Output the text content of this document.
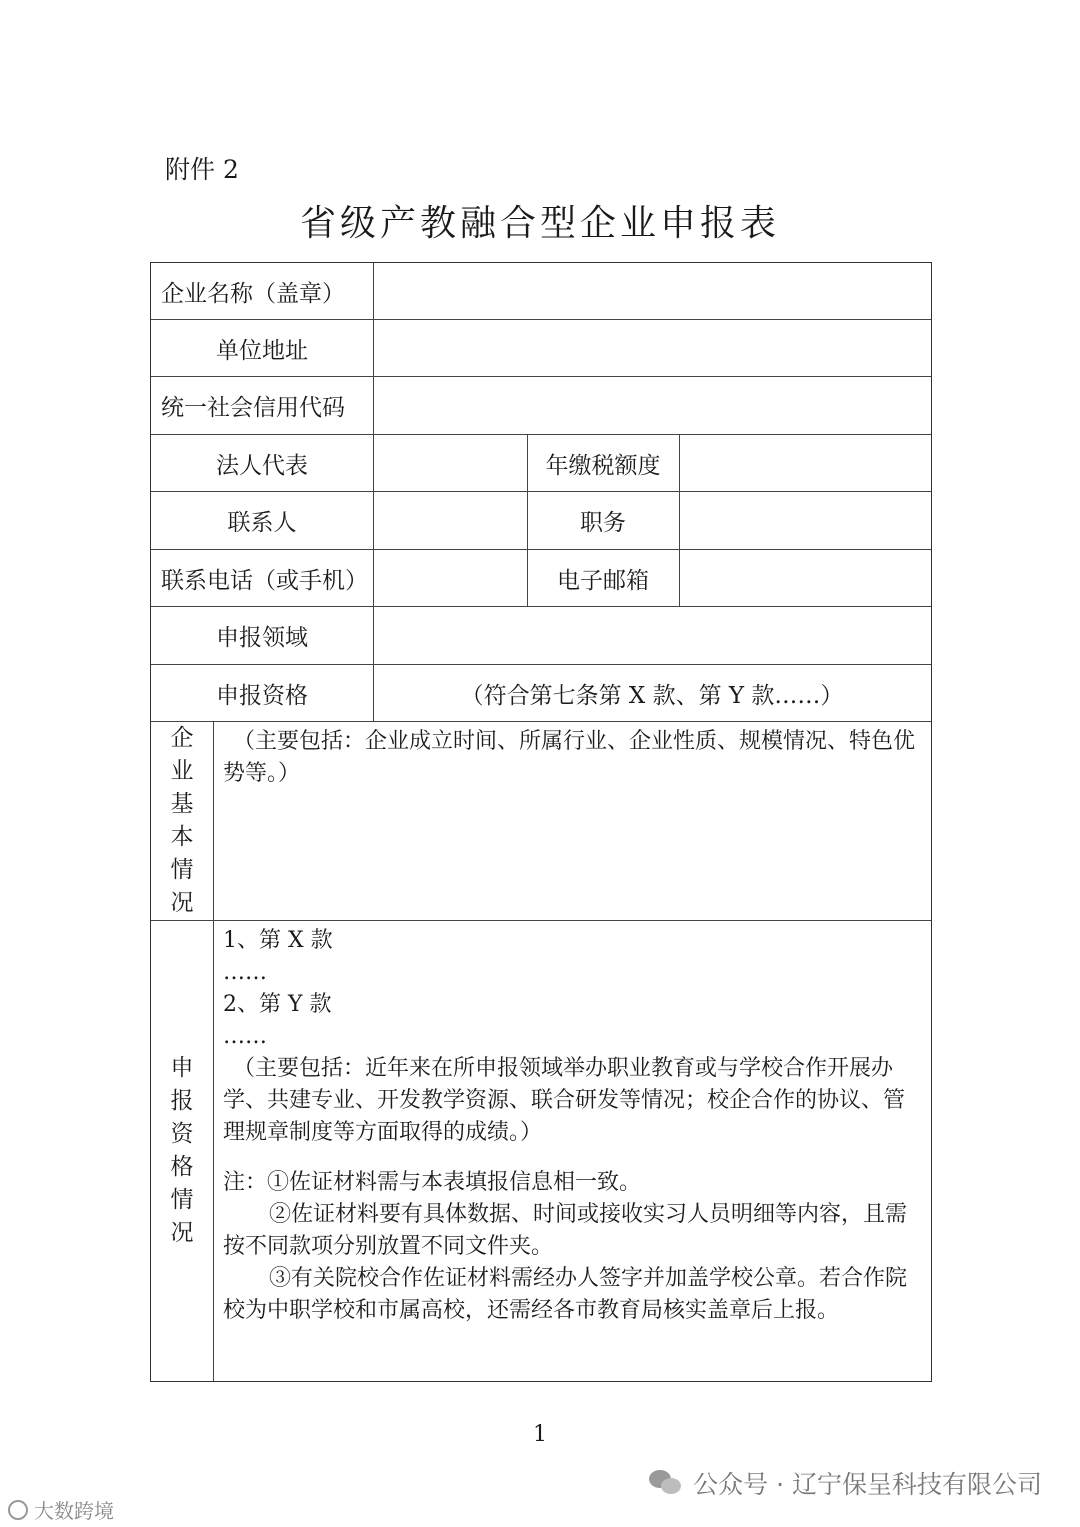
附件 2
省级产教融合型企业申报表
企业名称（盖章）
单位地址
统一社会信用代码
法人代表	年缴税额度
联系人	职务
联系电话（或手机）	电子邮箱
申报领域
申报资格	（符合第七条第 X 款、第 Y 款……）
企
业
基
本
情
况

（主要包括：企业成立时间、所属行业、企业性质、规模情况、特色优势等。）

申
报
资
格
情
况

1、第 X 款

……

2、第 Y 款

……

（主要包括：近年来在所申报领域举办职业教育或与学校合作开展办学、共建专业、开发教学资源、联合研发等情况；校企合作的协议、管理规章制度等方面取得的成绩。）

注：①佐证材料需与本表填报信息相一致。

②佐证材料要有具体数据、时间或接收实习人员明细等内容，且需按不同款项分别放置不同文件夹。

③有关院校合作佐证材料需经办人签字并加盖学校公章。若合作院校为中职学校和市属高校，还需经各市教育局核实盖章后上报。

1
公众号 · 辽宁保呈科技有限公司
大数跨境
